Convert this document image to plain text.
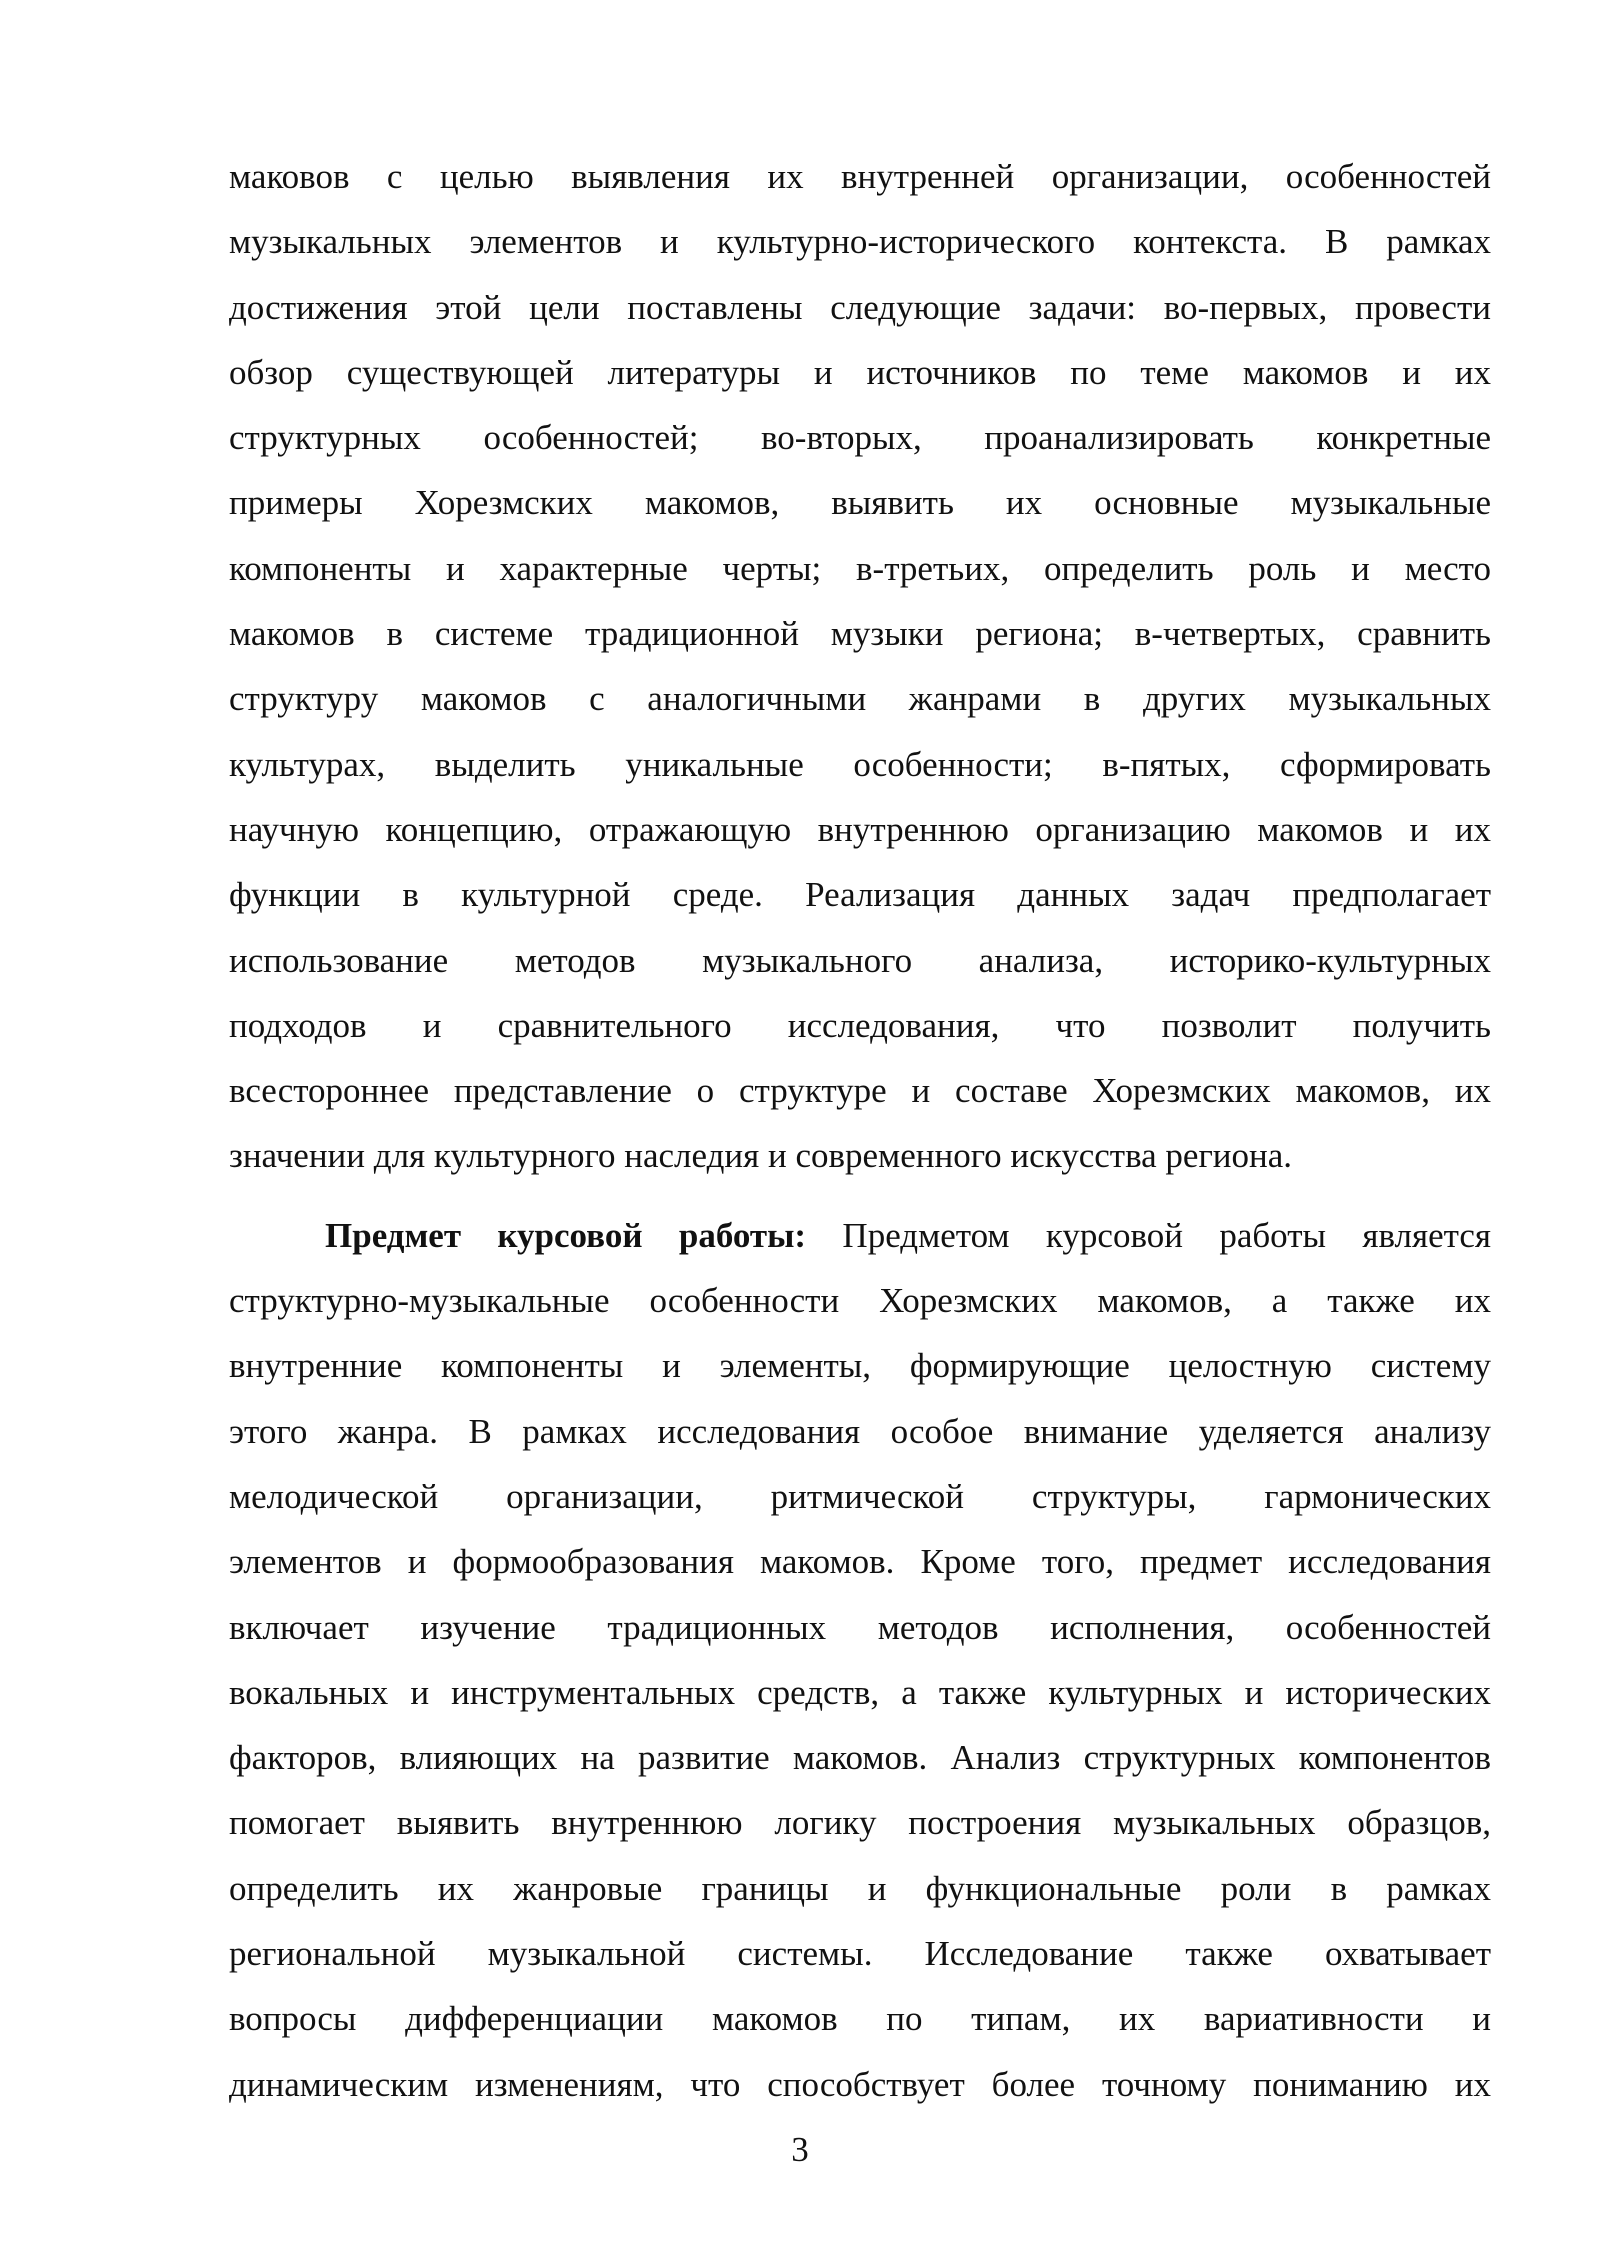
маковов с целью выявления их внутренней организации, особенностей
музыкальных элементов и культурно-исторического контекста. В рамках
достижения этой цели поставлены следующие задачи: во-первых, провести
обзор существующей литературы и источников по теме макомов и их
структурных особенностей; во-вторых, проанализировать конкретные
примеры Хорезмских макомов, выявить их основные музыкальные
компоненты и характерные черты; в-третьих, определить роль и место
макомов в системе традиционной музыки региона; в-четвертых, сравнить
структуру макомов с аналогичными жанрами в других музыкальных
культурах, выделить уникальные особенности; в-пятых, сформировать
научную концепцию, отражающую внутреннюю организацию макомов и их
функции в культурной среде. Реализация данных задач предполагает
использование методов музыкального анализа, историко-культурных
подходов и сравнительного исследования, что позволит получить
всестороннее представление о структуре и составе Хорезмских макомов, их
значении для культурного наследия и современного искусства региона.
Предмет курсовой работы: Предметом курсовой работы является
структурно-музыкальные особенности Хорезмских макомов, а также их
внутренние компоненты и элементы, формирующие целостную систему
этого жанра. В рамках исследования особое внимание уделяется анализу
мелодической организации, ритмической структуры, гармонических
элементов и формообразования макомов. Кроме того, предмет исследования
включает изучение традиционных методов исполнения, особенностей
вокальных и инструментальных средств, а также культурных и исторических
факторов, влияющих на развитие макомов. Анализ структурных компонентов
помогает выявить внутреннюю логику построения музыкальных образцов,
определить их жанровые границы и функциональные роли в рамках
региональной музыкальной системы. Исследование также охватывает
вопросы дифференциации макомов по типам, их вариативности и
динамическим изменениям, что способствует более точному пониманию их
3
